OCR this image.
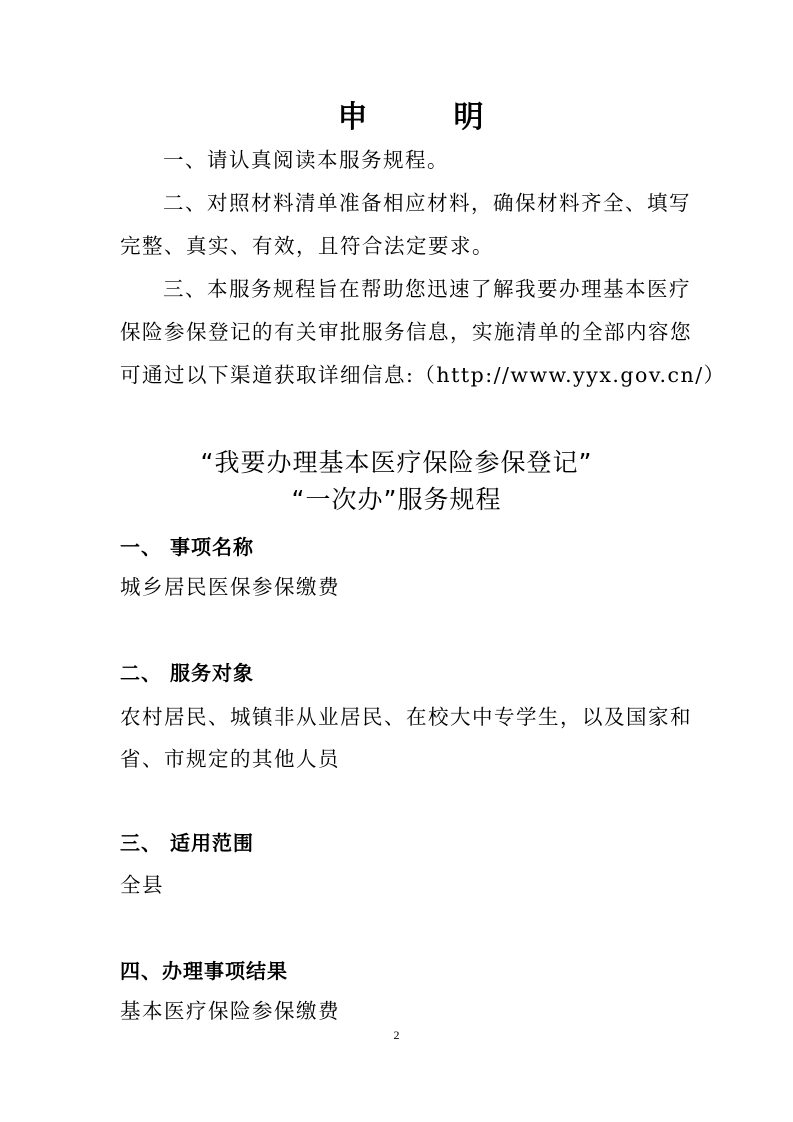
申　明
一、请认真阅读本服务规程。
二、对照材料清单准备相应材料，确保材料齐全、填写
完整、真实、有效，且符合法定要求。
三、本服务规程旨在帮助您迅速了解我要办理基本医疗
保险参保登记的有关审批服务信息，实施清单的全部内容您
可通过以下渠道获取详细信息:（http://www.yyx.gov.cn/）
“我要办理基本医疗保险参保登记”
“一次办”服务规程
一、 事项名称
城乡居民医保参保缴费
二、 服务对象
农村居民、城镇非从业居民、在校大中专学生，以及国家和
省、市规定的其他人员
三、 适用范围
全县
四、办理事项结果
基本医疗保险参保缴费
2
